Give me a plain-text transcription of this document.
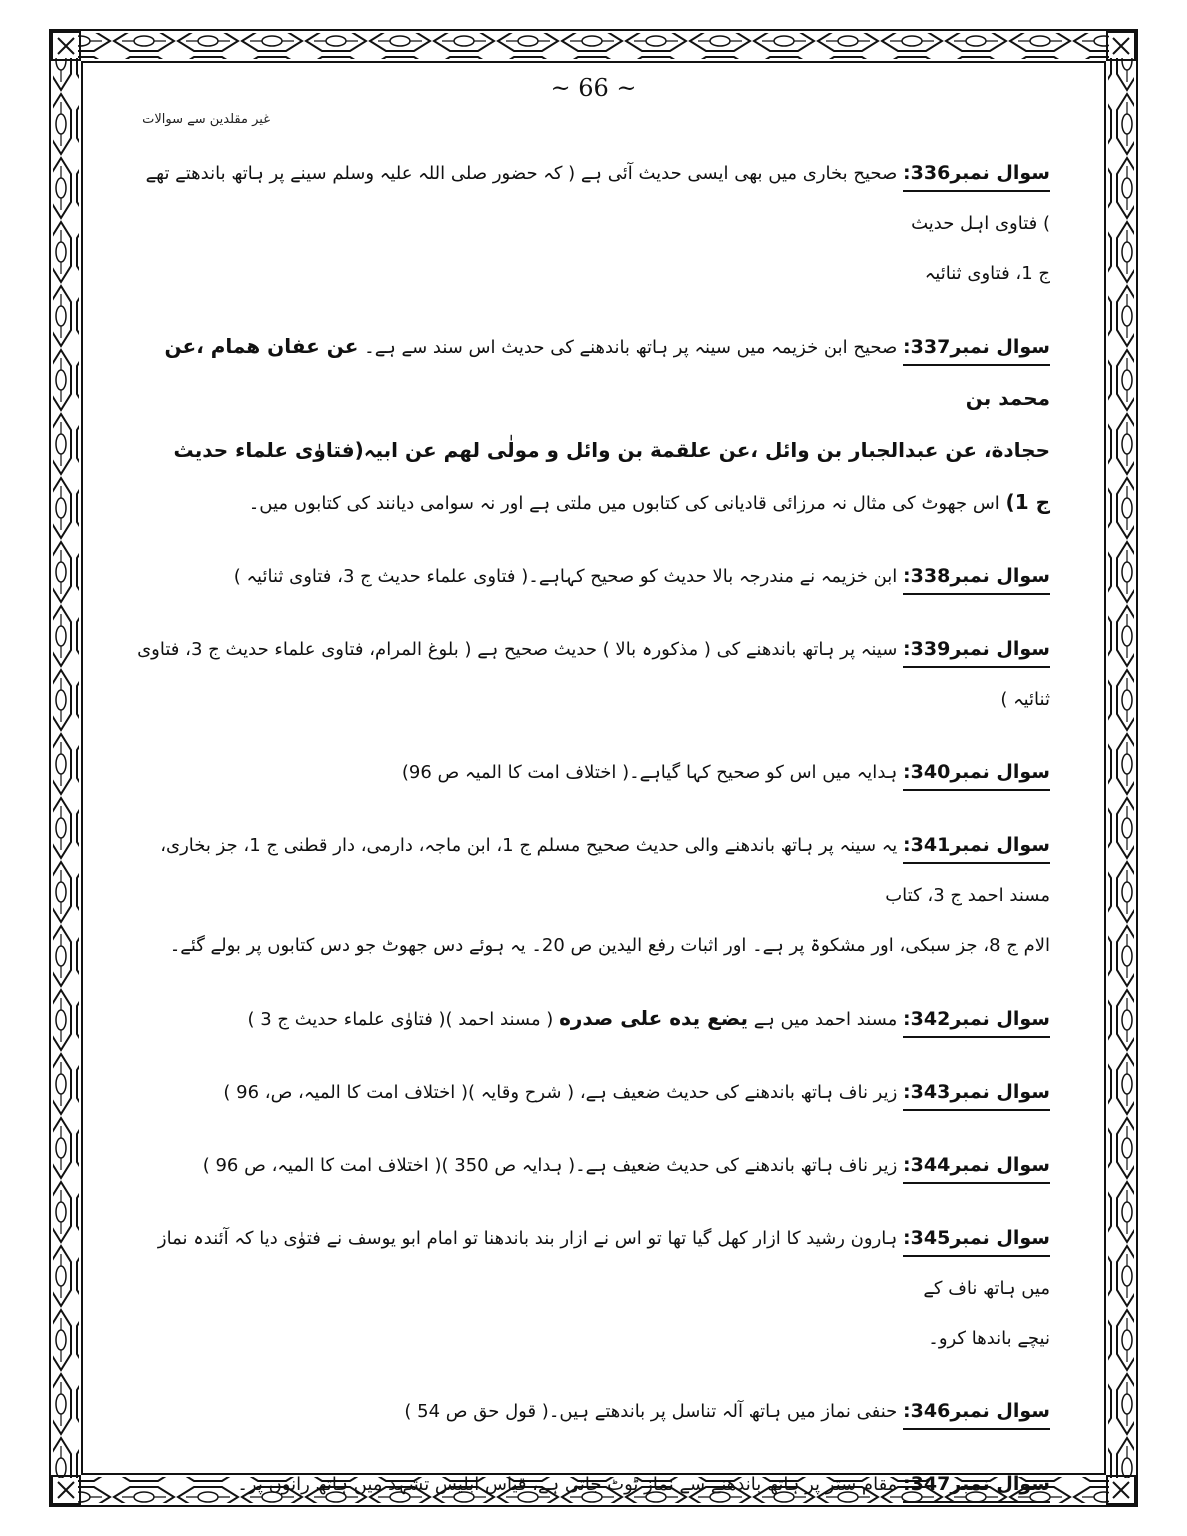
~ 66 ~
غیر مقلدین سے سوالات

سوال نمبر336: صحیح بخاری میں بھی ایسی حدیث آئی ہے ( کہ حضور صلی اللہ علیہ وسلم سینے پر ہاتھ باندھتے تھے ) فتاوی اہل حدیث
ج 1، فتاوی ثنائیہ

سوال نمبر337: صحیح ابن خزیمہ میں سینہ پر ہاتھ باندھنے کی حدیث اس سند سے ہے۔ عن عفان همام ،عن محمد بن
حجادة، عن عبدالجبار بن وائل ،عن علقمة بن وائل و مولٰی لهم عن ابيہ(فتاوٰی علماء حديث
ج 1) اس جھوٹ کی مثال نہ مرزائی قادیانی کی کتابوں میں ملتی ہے اور نہ سوامی دیانند کی کتابوں میں۔

سوال نمبر338: ابن خزیمہ نے مندرجہ بالا حدیث کو صحیح کہاہے۔( فتاوی علماء حدیث ج 3، فتاوی ثنائیہ )

سوال نمبر339: سینہ پر ہاتھ باندھنے کی ( مذکورہ بالا ) حدیث صحیح ہے ( بلوغ المرام، فتاوی علماء حدیث ج 3، فتاوی ثنائیہ )

سوال نمبر340: ہدایہ میں اس کو صحیح کہا گیاہے۔( اختلاف امت کا المیہ ص 96)

سوال نمبر341: یہ سینہ پر ہاتھ باندھنے والی حدیث صحیح مسلم ج 1، ابن ماجہ، دارمی، دار قطنی ج 1، جز بخاری، مسند احمد ج 3، کتاب
الام ج 8، جز سبکی، اور مشکوۃ پر ہے۔ اور اثبات رفع الیدین ص 20۔ یہ ہوئے دس جھوٹ جو دس کتابوں پر بولے گئے۔

سوال نمبر342: مسند احمد میں ہے يضع يده علی صدره ( مسند احمد )( فتاوٰی علماء حدیث ج 3 )

سوال نمبر343: زیر ناف ہاتھ باندھنے کی حدیث ضعیف ہے، ( شرح وقایہ )( اختلاف امت کا المیہ، ص، 96 )

سوال نمبر344: زیر ناف ہاتھ باندھنے کی حدیث ضعیف ہے۔( ہدایہ ص 350 )( اختلاف امت کا المیہ، ص 96 )

سوال نمبر345: ہارون رشید کا ازار کھل گیا تھا تو اس نے ازار بند باندھنا تو امام ابو یوسف نے فتوٰی دیا کہ آئندہ نماز میں ہاتھ ناف کے
نیچے باندھا کرو۔

سوال نمبر346: حنفی نماز میں ہاتھ آلہ تناسل پر باندھتے ہیں۔( قول حق ص 54 )

سوال نمبر347: مقام ستر پر ہاتھ باندھنے سے نماز ٹوٹ جاتی ہے، قیاس ابلیس تشہد میں ہاتھ رانوں پر۔
